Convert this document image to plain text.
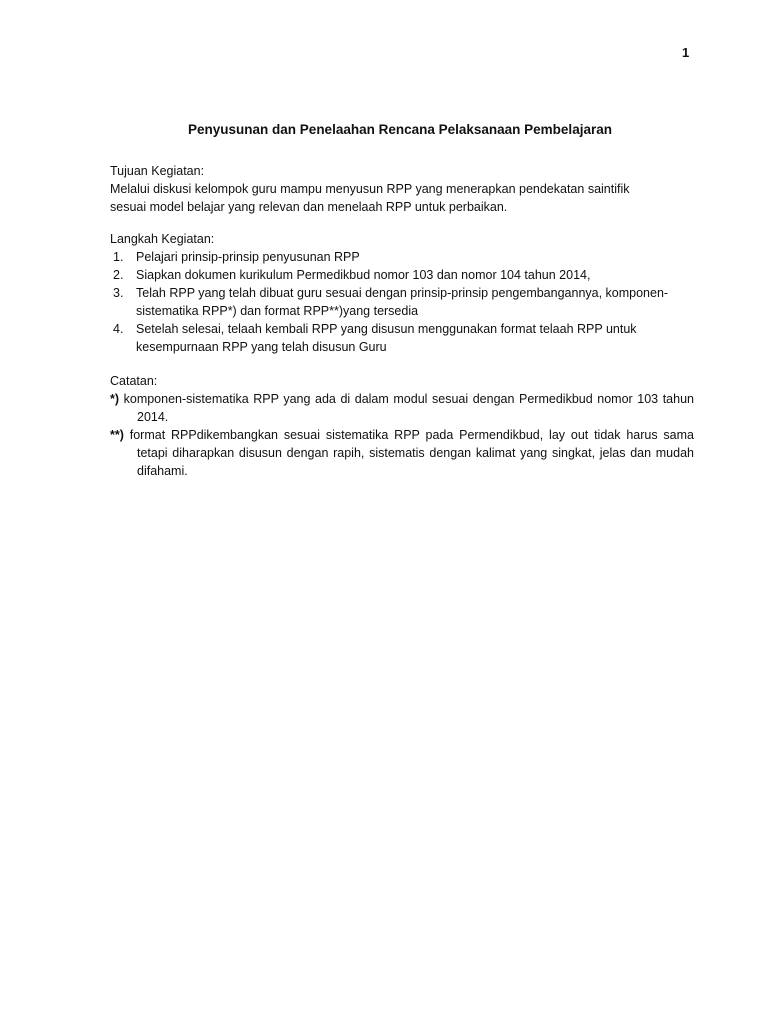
1
Penyusunan dan Penelaahan Rencana Pelaksanaan Pembelajaran
Tujuan Kegiatan:
Melalui diskusi kelompok guru mampu menyusun RPP yang menerapkan pendekatan saintifik
sesuai model belajar yang relevan dan menelaah RPP untuk perbaikan.
Langkah Kegiatan:
1. Pelajari prinsip-prinsip penyusunan RPP
2. Siapkan dokumen kurikulum Permedikbud nomor 103 dan nomor 104 tahun 2014,
3. Telah RPP yang telah dibuat guru sesuai dengan prinsip-prinsip pengembangannya, komponen-sistematika RPP*) dan format RPP**)yang tersedia
4. Setelah selesai, telaah kembali RPP yang disusun menggunakan format telaah RPP untuk kesempurnaan RPP yang telah disusun Guru
Catatan:
*) komponen-sistematika RPP yang ada di dalam modul sesuai dengan Permedikbud nomor 103 tahun 2014.
**) format RPPdikembangkan sesuai sistematika RPP pada Permendikbud, lay out tidak harus sama tetapi diharapkan disusun dengan rapih, sistematis dengan kalimat yang singkat, jelas dan mudah difahami.
